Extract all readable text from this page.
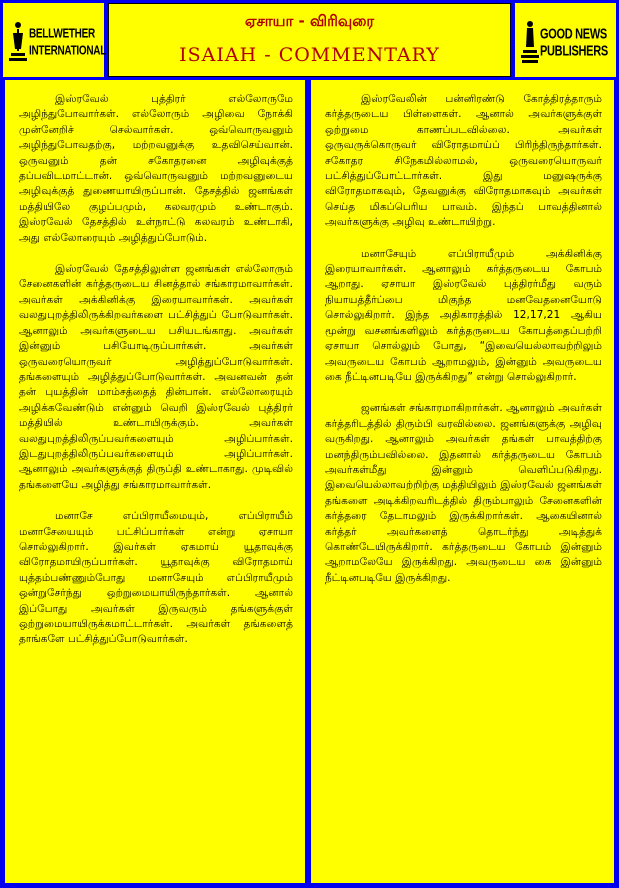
BELLWETHER
INTERNATIONAL
ஏசாயா - விரிவுரை
ISAIAH - COMMENTARY
GOOD NEWS
PUBLISHERS

இஸ்ரவேல் புத்திரர் எல்லோருமே அழிந்துபோவார்கள். எல்லோரும் அழிவை நோக்கி முன்னேறிச் செல்வார்கள். ஒவ்வொருவனும் அழிந்துபோவதற்கு, மற்றவனுக்கு உதவிசெய்வான். ஒருவனும் தன் சகோதரனை அழிவுக்குத் தப்பவிடமாட்டான். ஒவ்வொருவனும் மற்றவனுடைய அழிவுக்குத் துணையாயிருப்பான். தேசத்தில் ஜனங்கள் மத்தியிலே குழப்பமும், கலவரமும் உண்டாகும். இஸ்ரவேல் தேசத்தில் உள்நாட்டு கலவரம் உண்டாகி, அது எல்லோரையும் அழித்துப்போடும்.

இஸ்ரவேல் தேசத்திலுள்ள ஜனங்கள் எல்லோரும் சேனைகளின் கர்த்தருடைய சினத்தால் சங்காரமாவார்கள். அவர்கள் அக்கினிக்கு இரையாவார்கள். அவர்கள் வலதுபுறத்திலிருக்கிறவர்களை பட்சித்துப் போடுவார்கள். ஆனாலும் அவர்களுடைய பசியடங்காது. அவர்கள் இன்னும் பசியோடிருப்பார்கள். அவர்கள் ஒருவரையொருவர் அழித்துப்போடுவார்கள். தங்களையும் அழித்துப்போடுவார்கள். அவனவன் தன் தன் புயத்தின் மாம்சத்தைத் தின்பான். எல்லோரையும் அழிக்கவேண்டும் என்னும் வெறி இஸ்ரவேல் புத்திரர் மத்தியில் உண்டாயிருக்கும். அவர்கள் வலதுபுறத்திலிருப்பவர்களையும் அழிப்பார்கள். இடதுபுறத்திலிருப்பவர்களையும் அழிப்பார்கள். ஆனாலும் அவர்களுக்குத் திருப்தி உண்டாகாது. முடிவில் தங்களையே அழித்து சங்காரமாவார்கள்.

மனாசே எப்பிராயீமையும், எப்பிராயீம் மனாசேயையும் பட்சிப்பார்கள் என்று ஏசாயா சொல்லுகிறார். இவர்கள் ஏகமாய் யூதாவுக்கு விரோதமாயிருப்பார்கள். யூதாவுக்கு விரோதமாய் யுத்தம்பண்ணும்போது மனாசேயும் எப்பிராயீமும் ஒன்றுசேர்ந்து ஒற்றுமையாயிருந்தார்கள். ஆனால் இப்போது அவர்கள் இருவரும் தங்களுக்குள் ஒற்றுமையாயிருக்கமாட்டார்கள். அவர்கள் தங்களைத் தாங்களே பட்சித்துப்போடுவார்கள்.

இஸ்ரவேலின் பன்னிரண்டு கோத்திரத்தாரும் கர்த்தருடைய பிள்ளைகள். ஆனால் அவர்களுக்குள் ஒற்றுமை காணப்படவில்லை. அவர்கள் ஒருவருக்கொருவர் விரோதமாய்ப் பிரிந்திருந்தார்கள். சகோதர சிநேகமில்லாமல், ஒருவரையொருவர் பட்சித்துப்போட்டார்கள். இது மனுஷருக்கு விரோதமாகவும், தேவனுக்கு விரோதமாகவும் அவர்கள் செய்த மிகப்பெரிய பாவம். இந்தப் பாவத்தினால் அவர்களுக்கு அழிவு உண்டாயிற்று.

மனாசேயும் எப்பிராயீமும் அக்கினிக்கு இரையாவார்கள். ஆனாலும் கர்த்தருடைய கோபம் ஆறாது. ஏசாயா இஸ்ரவேல் புத்திரர்மீது வரும் நியாயத்தீர்ப்பை மிகுந்த மனவேதனையோடு சொல்லுகிறார். இந்த அதிகாரத்தில் 12,17,21 ஆகிய மூன்று வசனங்களிலும் கர்த்தருடைய கோபத்தைப்பற்றி ஏசாயா சொல்லும் போது, “இவையெல்லாவற்றிலும் அவருடைய கோபம் ஆறாமலும், இன்னும் அவருடைய கை நீட்டினபடியே இருக்கிறது” என்று சொல்லுகிறார்.

ஜனங்கள் சங்காரமாகிறார்கள். ஆனாலும் அவர்கள் கர்த்தரிடத்தில் திரும்பி வரவில்லை. ஜனங்களுக்கு அழிவு வருகிறது. ஆனாலும் அவர்கள் தங்கள் பாவத்திற்கு மனந்திரும்பவில்லை. இதனால் கர்த்தருடைய கோபம் அவர்கள்மீது இன்னும் வெளிப்படுகிறது. இவையெல்லாவற்றிற்கு மத்தியிலும் இஸ்ரவேல் ஜனங்கள் தங்களை அடிக்கிறவரிடத்தில் திரும்பாலும் சேனைகளின் கர்த்தரை தேடாமலும் இருக்கிறார்கள். ஆகையினால் கர்த்தர் அவர்களைத் தொடர்ந்து அடித்துக் கொண்டேயிருக்கிறார். கர்த்தருடைய கோபம் இன்னும் ஆறாமலேயே இருக்கிறது. அவருடைய கை இன்னும் நீட்டினபடியே இருக்கிறது.
